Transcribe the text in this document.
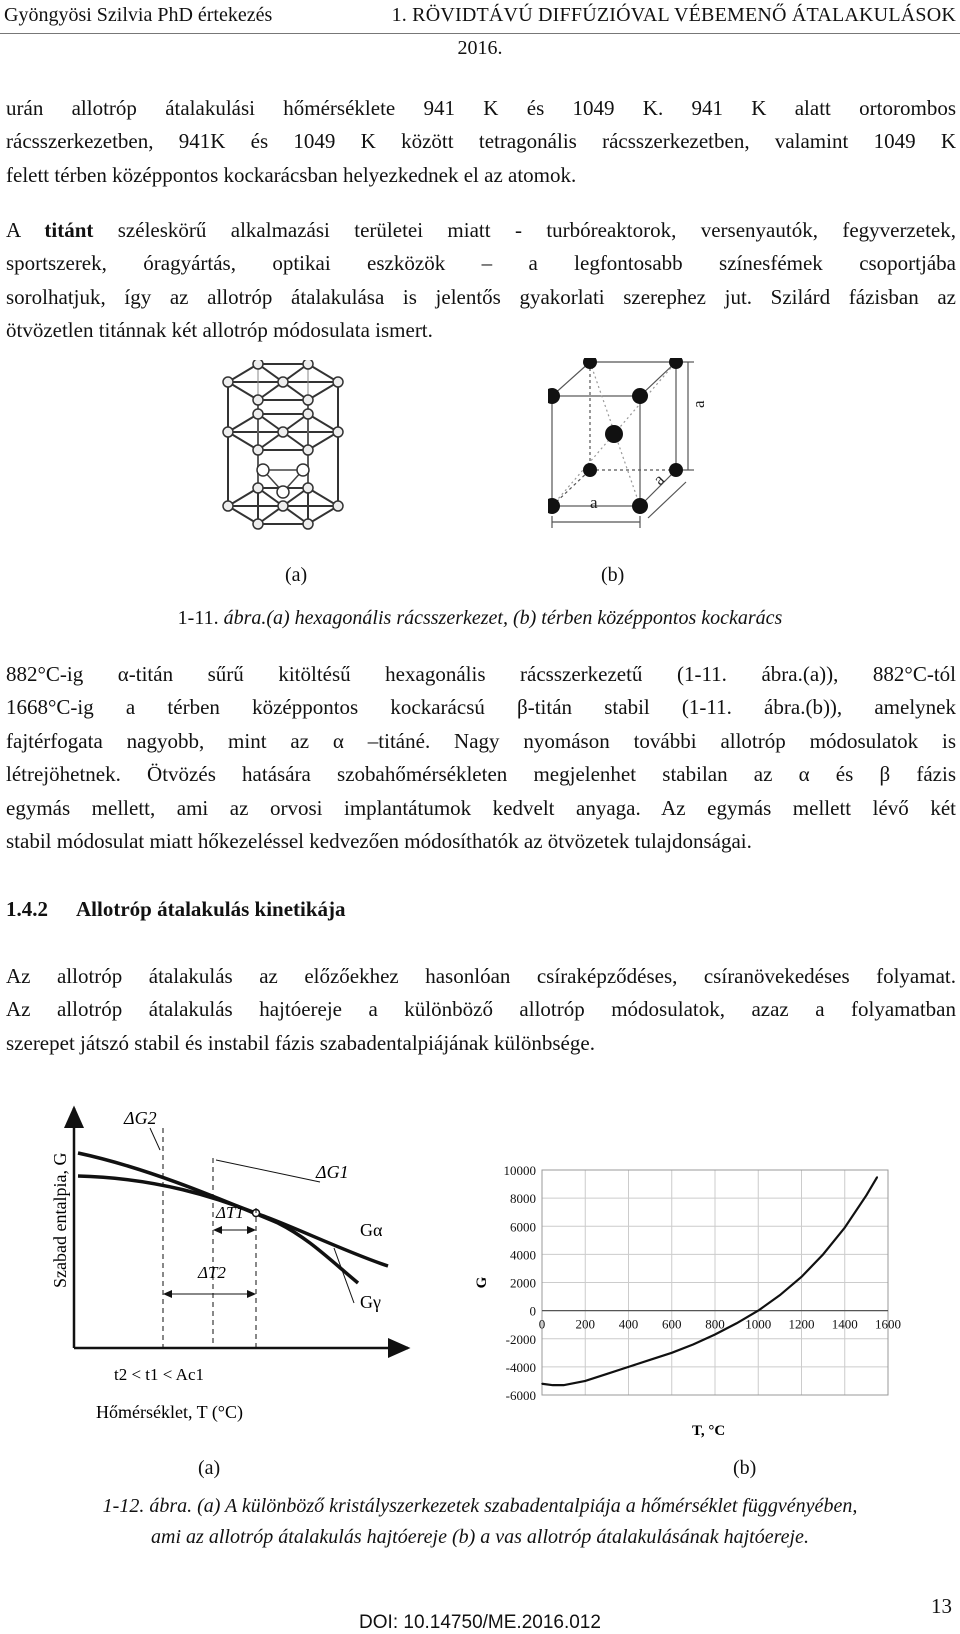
Gyöngyösi Szilvia PhD értekezés	1. RÖVIDTÁVÚ DIFFÚZIÓVAL VÉBEMENŐ ÁTALAKULÁSOK
2016.

urán allotróp átalakulási hőmérséklete 941 K és 1049 K. 941 K alatt ortorombos
rácsszerkezetben, 941K és 1049 K között tetragonális rácsszerkezetben, valamint 1049 K
felett térben középpontos kockarácsban helyezkednek el az atomok.

A titánt széleskörű alkalmazási területei miatt - turbóreaktorok, versenyautók, fegyverzetek,
sportszerek, óragyártás, optikai eszközök – a legfontosabb színesfémek csoportjába
sorolhatjuk, így az allotróp átalakulása is jelentős gyakorlati szerephez jut. Szilárd fázisban az
ötvözetlen titánnak két allotróp módosulata ismert.

a
a
a
(a)	(b)
1-11. ábra.(a) hexagonális rácsszerkezet, (b) térben középpontos kockarács

882°C-ig α-titán sűrű kitöltésű hexagonális rácsszerkezetű (1-11. ábra.(a)), 882°C-tól
1668°C-ig a térben középpontos kockarácsú β-titán stabil (1-11. ábra.(b)), amelynek
fajtérfogata nagyobb, mint az α –titáné. Nagy nyomáson további allotróp módosulatok is
létrejöhetnek. Ötvözés hatására szobahőmérsékleten megjelenhet stabilan az α és β fázis
egymás mellett, ami az orvosi implantátumok kedvelt anyaga. Az egymás mellett lévő két
stabil módosulat miatt hőkezeléssel kedvezően módosíthatók az ötvözetek tulajdonságai.

1.4.2 Allotróp átalakulás kinetikája

Az allotróp átalakulás az előzőekhez hasonlóan csíraképződéses, csíranövekedéses folyamat.
Az allotróp átalakulás hajtóereje a különböző allotróp módosulatok, azaz a folyamatban
szerepet játszó stabil és instabil fázis szabadentalpiájának különbsége.

Szabad entalpia, G
Hőmérséklet, T (°C)
ΔT1
ΔT2
ΔG2
ΔG1
Gα
Gγ
t2 < t1 < Ac1
-6000
-4000
-2000
0
2000
4000
6000
8000
10000
0 200 400 600 800 1000 1200 1400 1600
G
T, °C
(a)	(b)
1-12. ábra. (a) A különböző kristályszerkezetek szabadentalpiája a hőmérséklet függvényében,
ami az allotróp átalakulás hajtóereje (b) a vas allotróp átalakulásának hajtóereje.
13
DOI: 10.14750/ME.2016.012
